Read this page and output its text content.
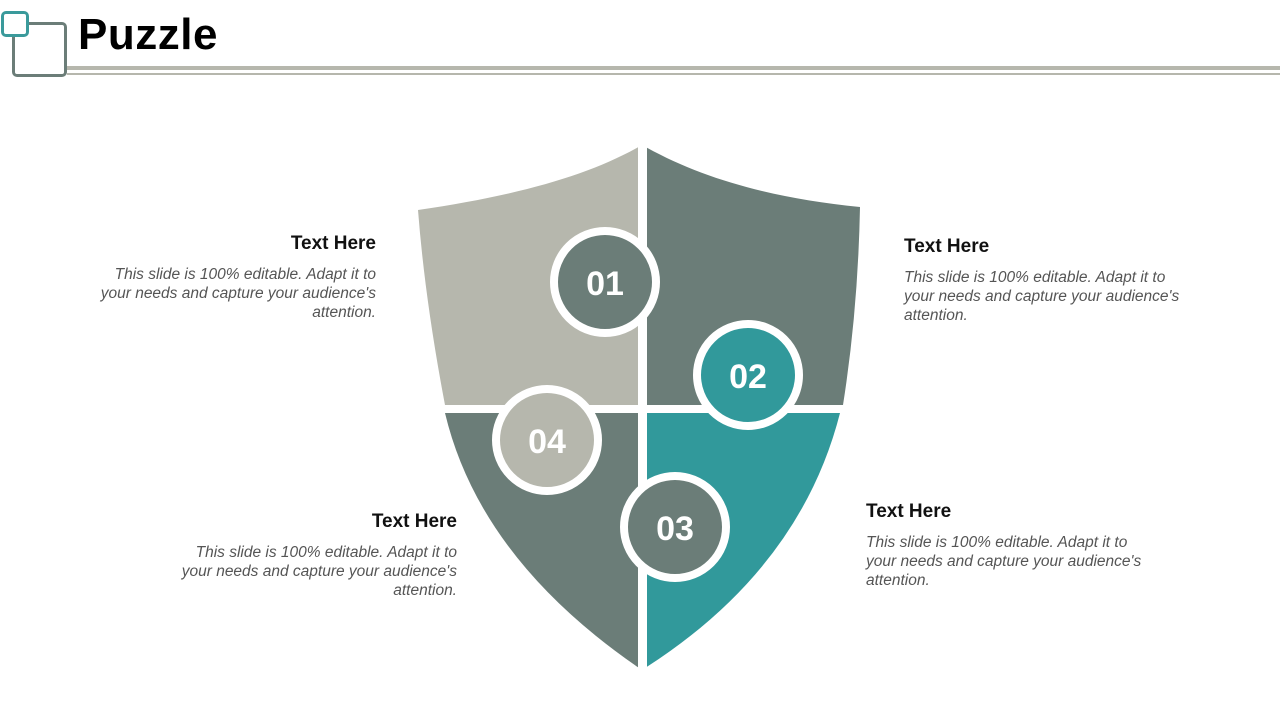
Puzzle
01
02
04
03
Text Here

This slide is 100% editable. Adapt it to your needs and capture your audience's attention.

Text Here

This slide is 100% editable. Adapt it to your needs and capture your audience's attention.

Text Here

This slide is 100% editable. Adapt it to your needs and capture your audience's attention.

Text Here

This slide is 100% editable. Adapt it to your needs and capture your audience's attention.
